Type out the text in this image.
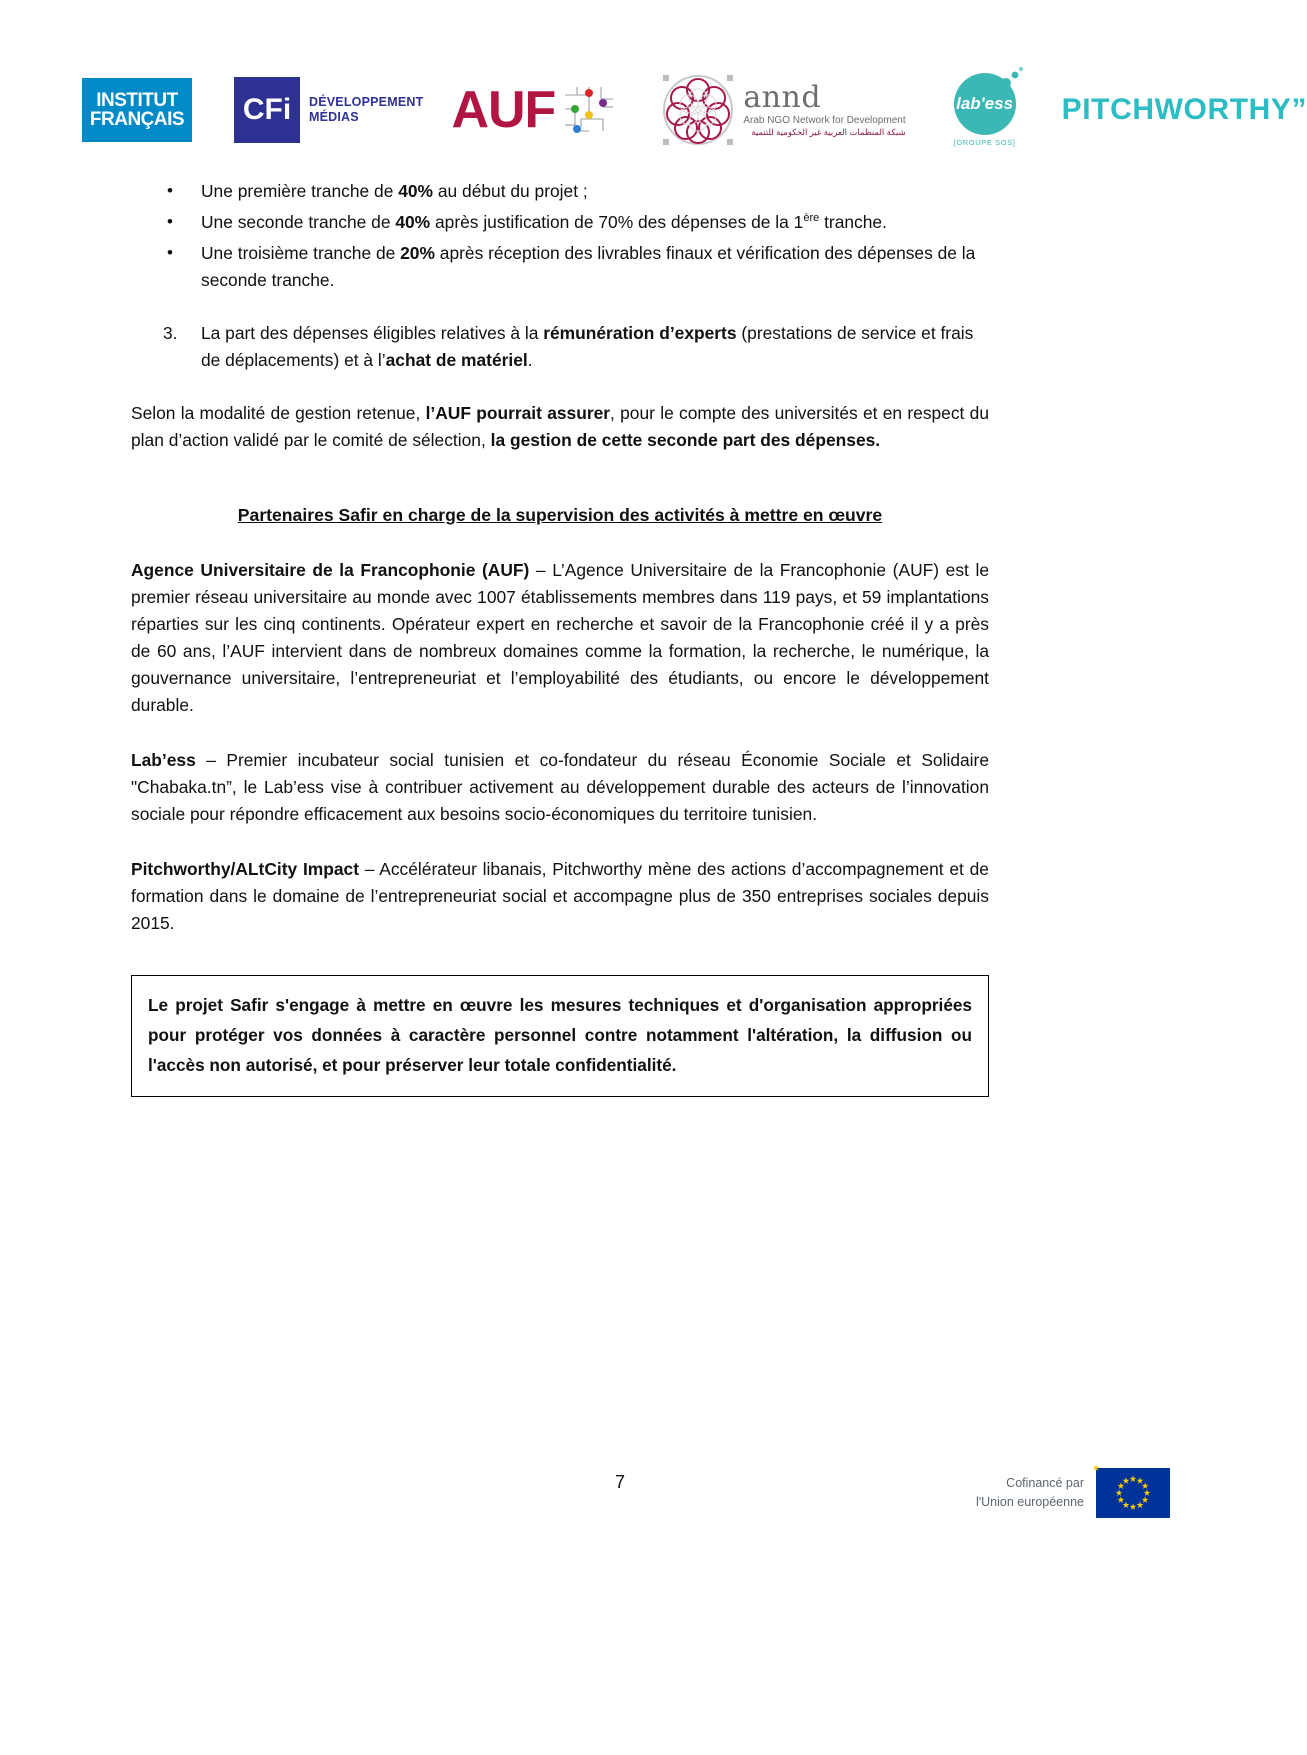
INSTITUT
FRANÇAIS CFi	DÉVELOPPEMENT
MÉDIAS	AUF	annd
Arab NGO Network for Development
شبكة المنظمات العربية غير الحكومية للتنمية
lab'ess
[GROUPE SOS]
PITCHWORTHY”
• Une première tranche de 40% au début du projet ;
• Une seconde tranche de 40% après justification de 70% des dépenses de la 1ère tranche.
• Une troisième tranche de 20% après réception des livrables finaux et vérification des dépenses de la seconde tranche.
3. La part des dépenses éligibles relatives à la rémunération d’experts (prestations de service et frais de déplacements) et à l’achat de matériel.

Selon la modalité de gestion retenue, l’AUF pourrait assurer, pour le compte des universités et en respect du plan d’action validé par le comité de sélection, la gestion de cette seconde part des dépenses.

Partenaires Safir en charge de la supervision des activités à mettre en œuvre

Agence Universitaire de la Francophonie (AUF) – L’Agence Universitaire de la Francophonie (AUF) est le premier réseau universitaire au monde avec 1007 établissements membres dans 119 pays, et 59 implantations réparties sur les cinq continents. Opérateur expert en recherche et savoir de la Francophonie créé il y a près de 60 ans, l’AUF intervient dans de nombreux domaines comme la formation, la recherche, le numérique, la gouvernance universitaire, l’entrepreneuriat et l’employabilité des étudiants, ou encore le développement durable.

Lab’ess – Premier incubateur social tunisien et co-fondateur du réseau Économie Sociale et Solidaire "Chabaka.tn”, le Lab’ess vise à contribuer activement au développement durable des acteurs de l’innovation sociale pour répondre efficacement aux besoins socio-économiques du territoire tunisien.

Pitchworthy/ALtCity Impact – Accélérateur libanais, Pitchworthy mène des actions d’accompagnement et de formation dans le domaine de l’entrepreneuriat social et accompagne plus de 350 entreprises sociales depuis 2015.

Le projet Safir s'engage à mettre en œuvre les mesures techniques et d'organisation appropriées pour protéger vos données à caractère personnel contre notamment l'altération, la diffusion ou l'accès non autorisé, et pour préserver leur totale confidentialité.

7	Cofinancé par
l'Union européenne
